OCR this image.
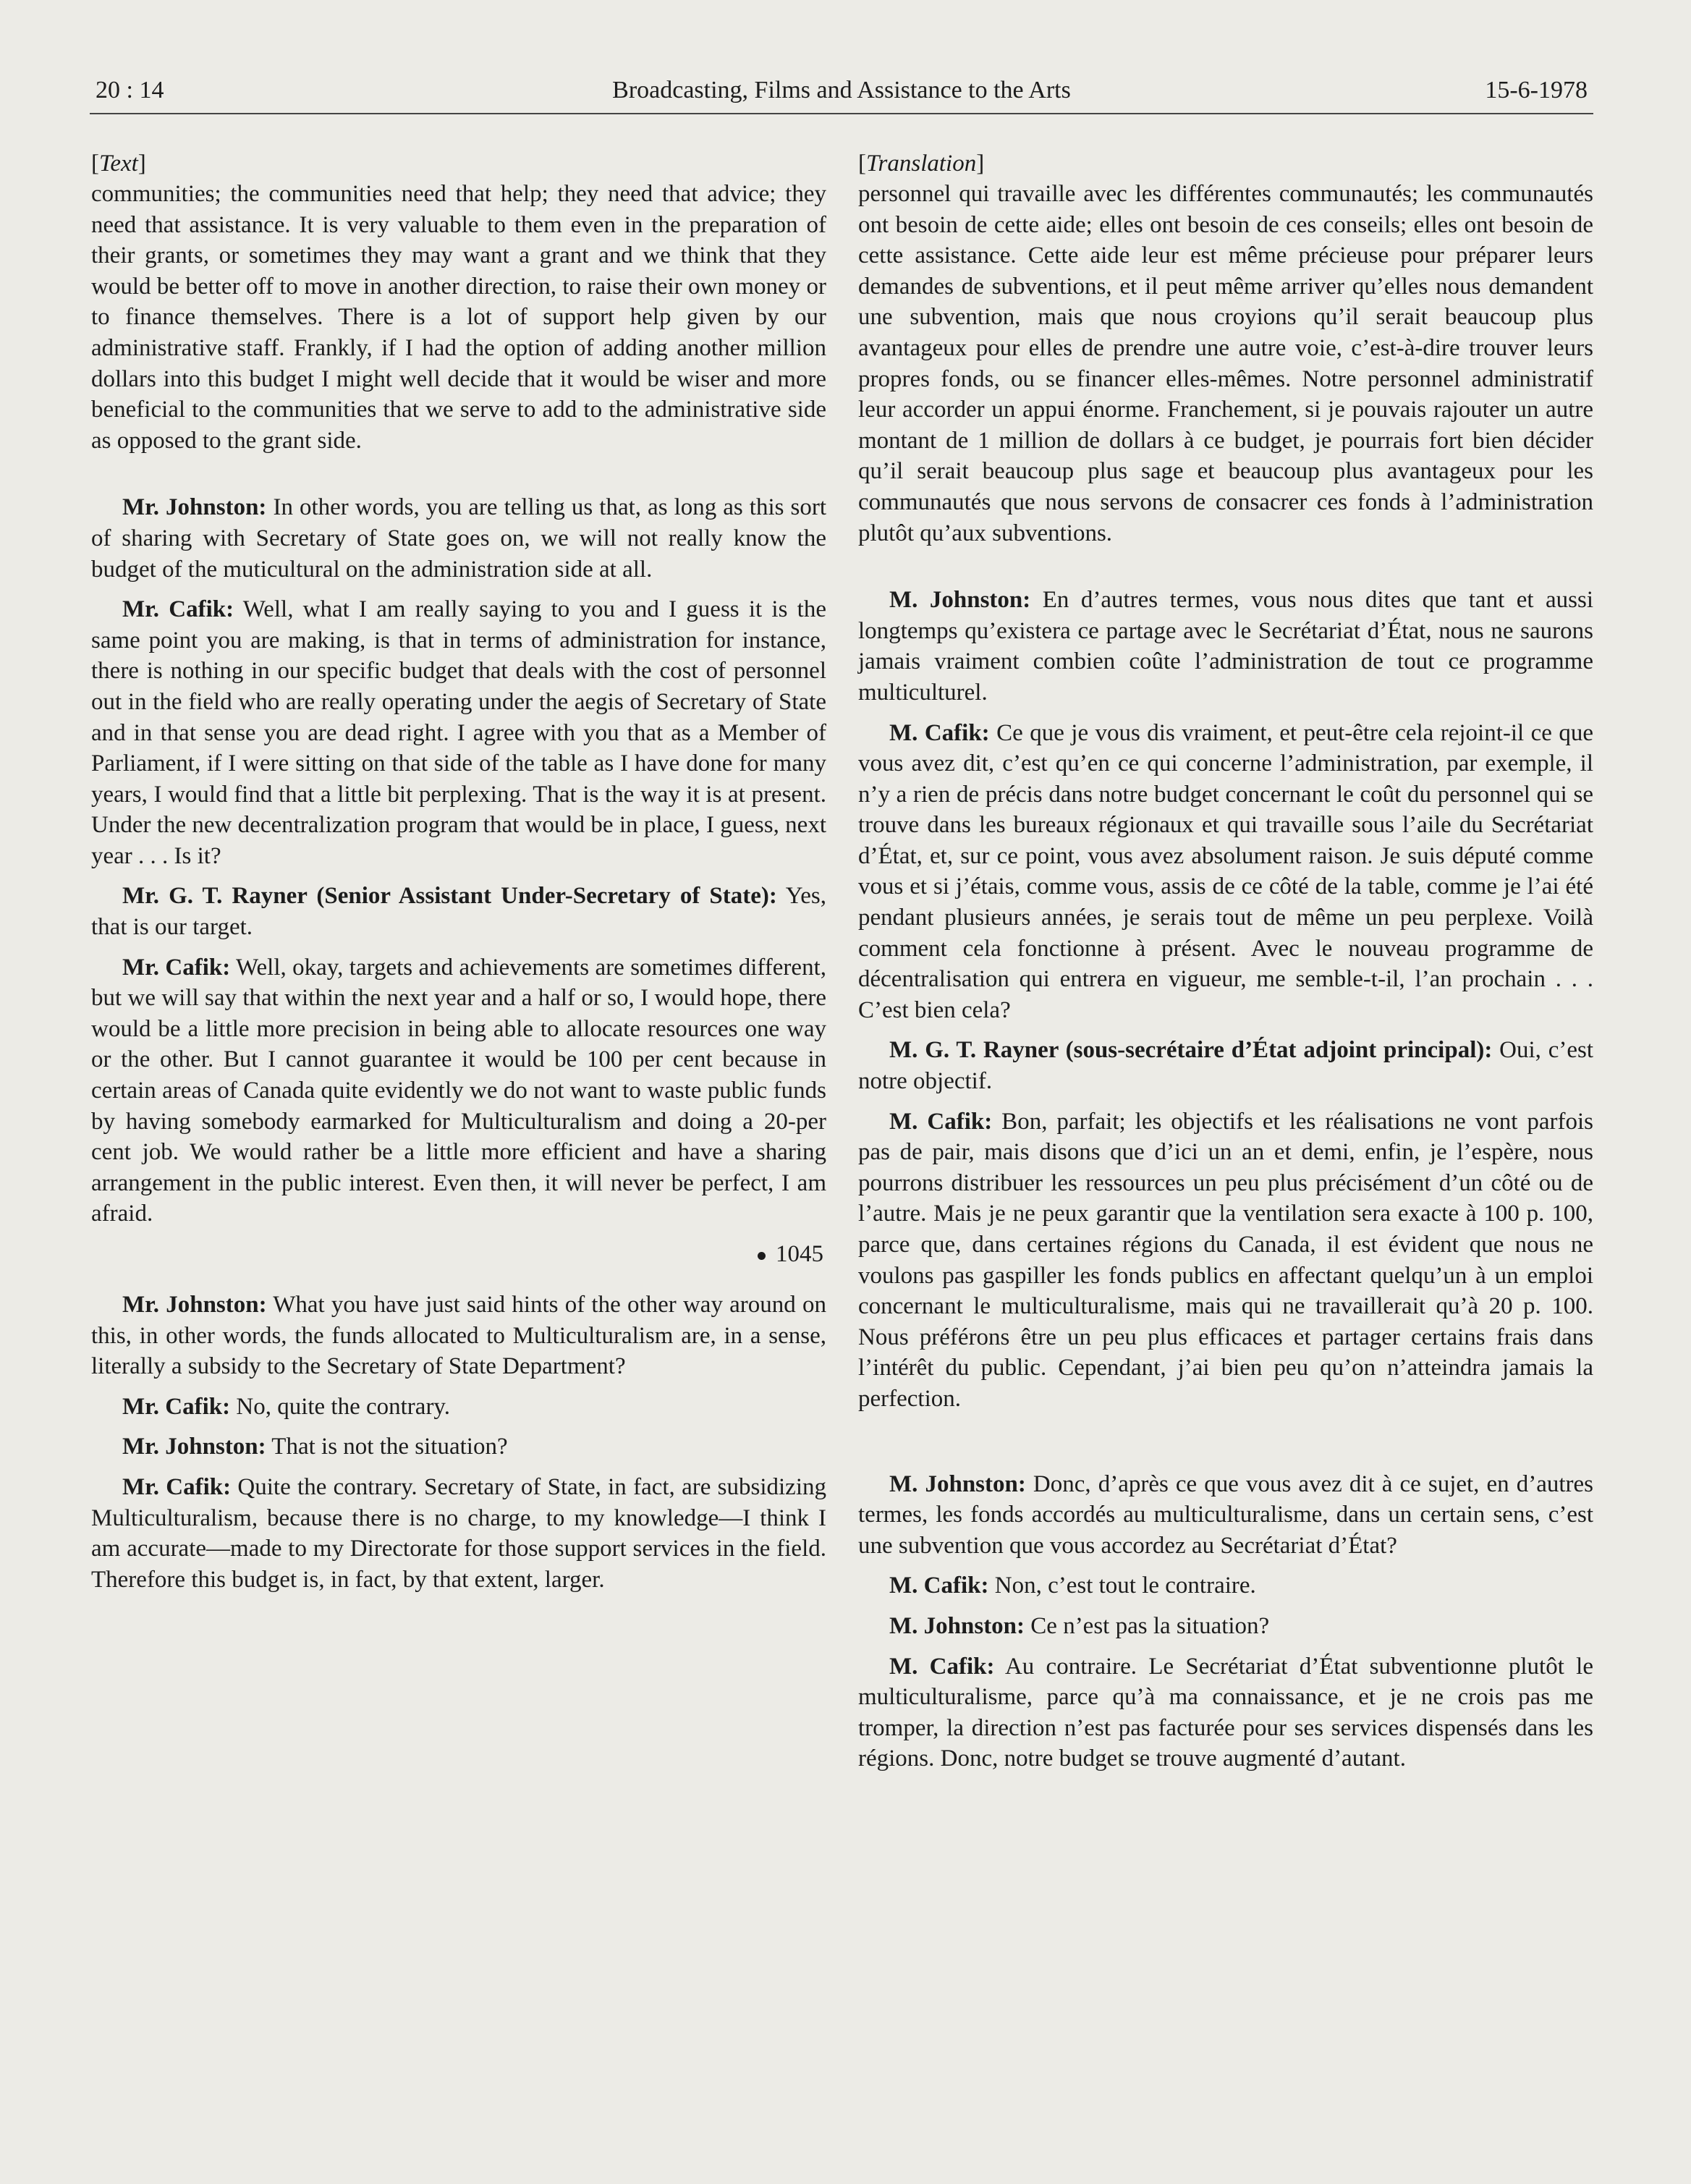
20 : 14	Broadcasting, Films and Assistance to the Arts	15-6-1978
[Text]

communities; the communities need that help; they need that advice; they need that assistance. It is very valuable to them even in the preparation of their grants, or sometimes they may want a grant and we think that they would be better off to move in another direction, to raise their own money or to finance themselves. There is a lot of support help given by our administrative staff. Frankly, if I had the option of adding another million dollars into this budget I might well decide that it would be wiser and more beneficial to the communities that we serve to add to the administrative side as opposed to the grant side.

Mr. Johnston: In other words, you are telling us that, as long as this sort of sharing with Secretary of State goes on, we will not really know the budget of the muticultural on the administration side at all.

Mr. Cafik: Well, what I am really saying to you and I guess it is the same point you are making, is that in terms of administration for instance, there is nothing in our specific budget that deals with the cost of personnel out in the field who are really operating under the aegis of Secretary of State and in that sense you are dead right. I agree with you that as a Member of Parliament, if I were sitting on that side of the table as I have done for many years, I would find that a little bit perplexing. That is the way it is at present. Under the new decentralization program that would be in place, I guess, next year . . . Is it?

Mr. G. T. Rayner (Senior Assistant Under-Secretary of State): Yes, that is our target.

Mr. Cafik: Well, okay, targets and achievements are sometimes different, but we will say that within the next year and a half or so, I would hope, there would be a little more precision in being able to allocate resources one way or the other. But I cannot guarantee it would be 100 per cent because in certain areas of Canada quite evidently we do not want to waste public funds by having somebody earmarked for Multiculturalism and doing a 20-per cent job. We would rather be a little more efficient and have a sharing arrangement in the public interest. Even then, it will never be perfect, I am afraid.

1045

Mr. Johnston: What you have just said hints of the other way around on this, in other words, the funds allocated to Multiculturalism are, in a sense, literally a subsidy to the Secretary of State Department?

Mr. Cafik: No, quite the contrary.

Mr. Johnston: That is not the situation?

Mr. Cafik: Quite the contrary. Secretary of State, in fact, are subsidizing Multiculturalism, because there is no charge, to my knowledge—I think I am accurate—made to my Directorate for those support services in the field. Therefore this budget is, in fact, by that extent, larger.

[Translation]

personnel qui travaille avec les différentes communautés; les communautés ont besoin de cette aide; elles ont besoin de ces conseils; elles ont besoin de cette assistance. Cette aide leur est même précieuse pour préparer leurs demandes de subventions, et il peut même arriver qu’elles nous demandent une subvention, mais que nous croyions qu’il serait beaucoup plus avantageux pour elles de prendre une autre voie, c’est-à-dire trouver leurs propres fonds, ou se financer elles-mêmes. Notre personnel administratif leur accorder un appui énorme. Franchement, si je pouvais rajouter un autre montant de 1 million de dollars à ce budget, je pourrais fort bien décider qu’il serait beaucoup plus sage et beaucoup plus avantageux pour les communautés que nous servons de consacrer ces fonds à l’administration plutôt qu’aux subventions.

M. Johnston: En d’autres termes, vous nous dites que tant et aussi longtemps qu’existera ce partage avec le Secrétariat d’État, nous ne saurons jamais vraiment combien coûte l’administration de tout ce programme multiculturel.

M. Cafik: Ce que je vous dis vraiment, et peut-être cela rejoint-il ce que vous avez dit, c’est qu’en ce qui concerne l’administration, par exemple, il n’y a rien de précis dans notre budget concernant le coût du personnel qui se trouve dans les bureaux régionaux et qui travaille sous l’aile du Secrétariat d’État, et, sur ce point, vous avez absolument raison. Je suis député comme vous et si j’étais, comme vous, assis de ce côté de la table, comme je l’ai été pendant plusieurs années, je serais tout de même un peu perplexe. Voilà comment cela fonctionne à présent. Avec le nouveau programme de décentralisation qui entrera en vigueur, me semble-t-il, l’an prochain . . . C’est bien cela?

M. G. T. Rayner (sous-secrétaire d’État adjoint principal): Oui, c’est notre objectif.

M. Cafik: Bon, parfait; les objectifs et les réalisations ne vont parfois pas de pair, mais disons que d’ici un an et demi, enfin, je l’espère, nous pourrons distribuer les ressources un peu plus précisément d’un côté ou de l’autre. Mais je ne peux garantir que la ventilation sera exacte à 100 p. 100, parce que, dans certaines régions du Canada, il est évident que nous ne voulons pas gaspiller les fonds publics en affectant quelqu’un à un emploi concernant le multiculturalisme, mais qui ne travaillerait qu’à 20 p. 100. Nous préférons être un peu plus efficaces et partager certains frais dans l’intérêt du public. Cependant, j’ai bien peu qu’on n’atteindra jamais la perfection.

M. Johnston: Donc, d’après ce que vous avez dit à ce sujet, en d’autres termes, les fonds accordés au multiculturalisme, dans un certain sens, c’est une subvention que vous accordez au Secrétariat d’État?

M. Cafik: Non, c’est tout le contraire.

M. Johnston: Ce n’est pas la situation?

M. Cafik: Au contraire. Le Secrétariat d’État subventionne plutôt le multiculturalisme, parce qu’à ma connaissance, et je ne crois pas me tromper, la direction n’est pas facturée pour ses services dispensés dans les régions. Donc, notre budget se trouve augmenté d’autant.
